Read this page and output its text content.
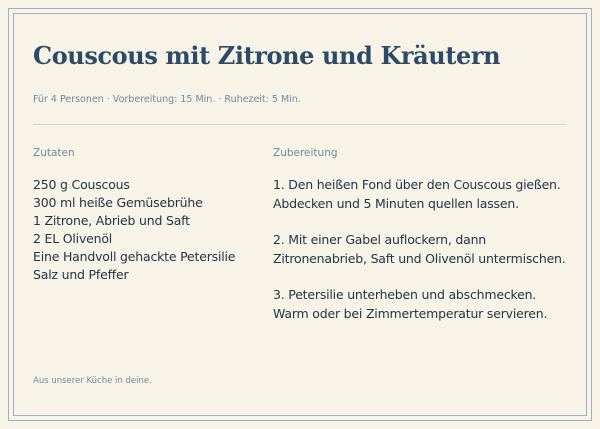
Couscous mit Zitrone und Kräutern
Für 4 Personen · Vorbereitung: 15 Min. · Ruhezeit: 5 Min.
Zutaten
250 g Couscous
300 ml heiße Gemüsebrühe
1 Zitrone, Abrieb und Saft
2 EL Olivenöl
Eine Handvoll gehackte Petersilie
Salz und Pfeffer
Zubereitung
1. Den heißen Fond über den Couscous gießen. Abdecken und 5 Minuten quellen lassen.
2. Mit einer Gabel auflockern, dann Zitronenabrieb, Saft und Olivenöl untermischen.
3. Petersilie unterheben und abschmecken. Warm oder bei Zimmertemperatur servieren.
Aus unserer Küche in deine.
